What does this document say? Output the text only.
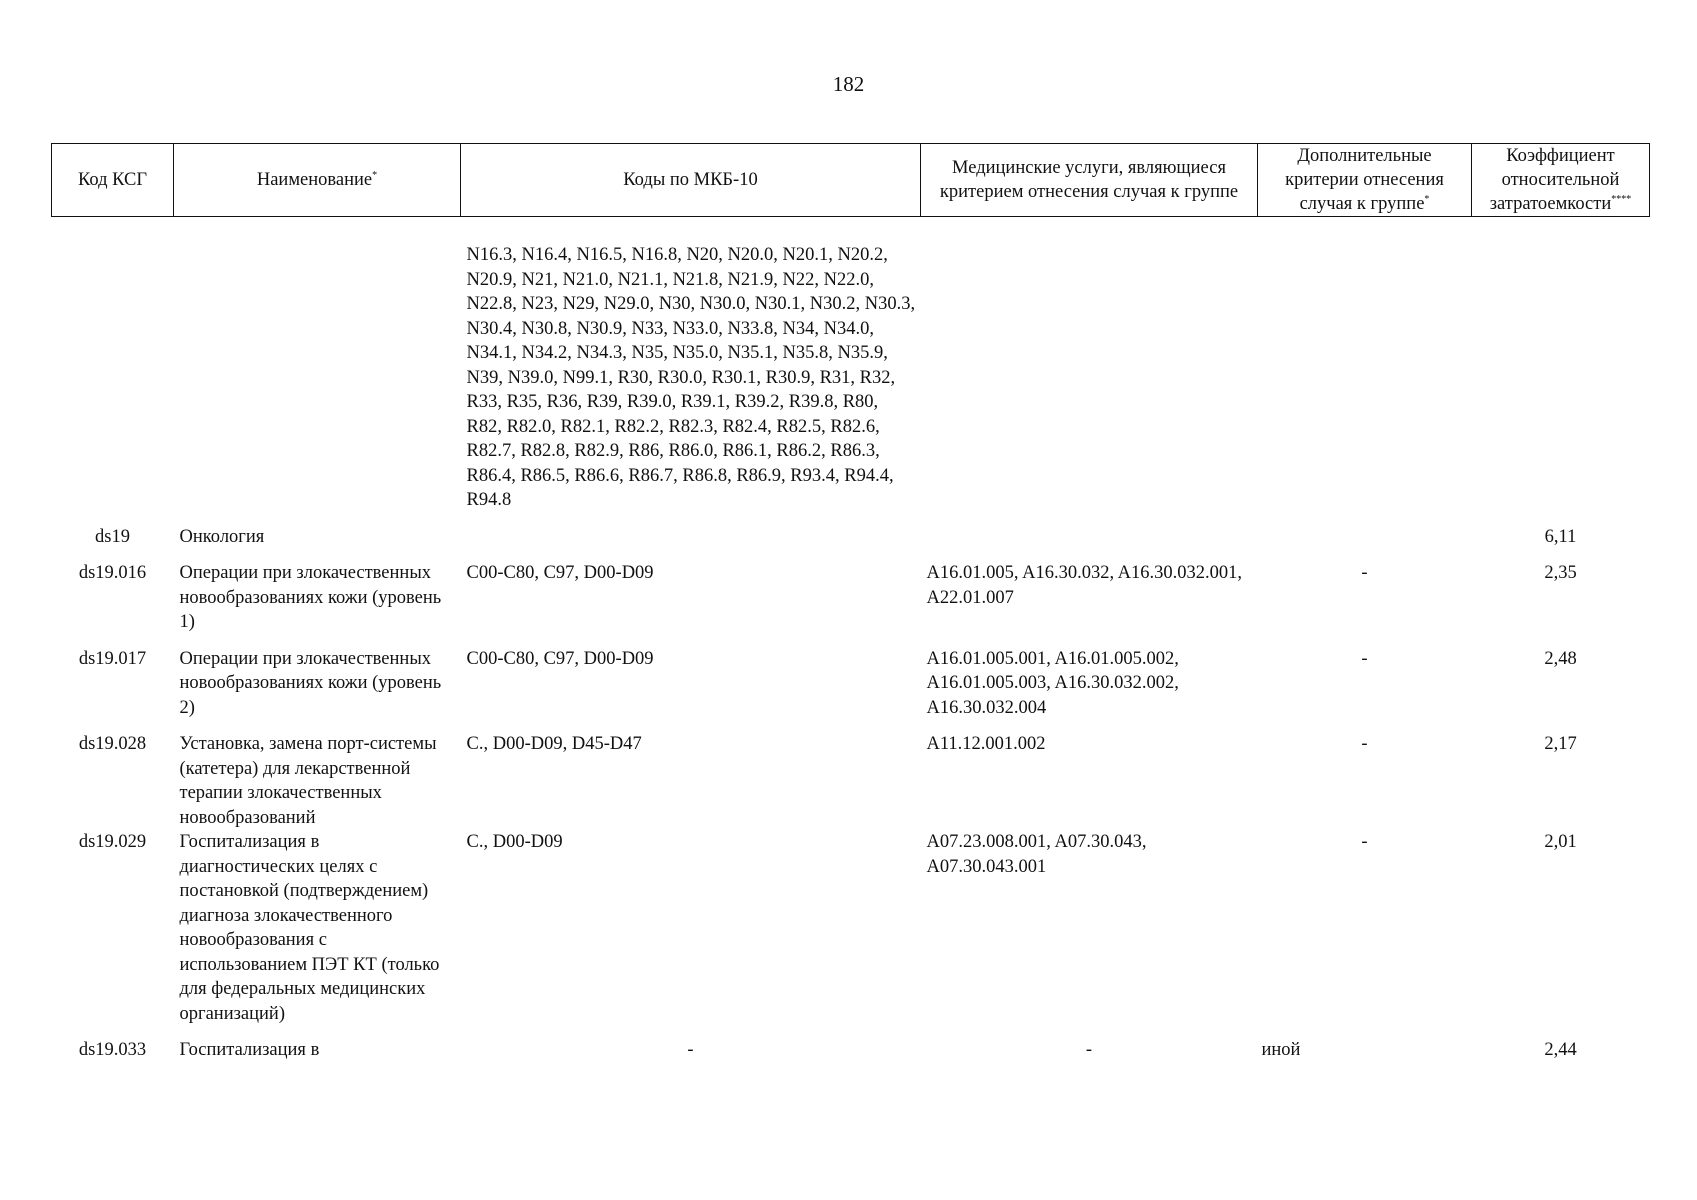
182
Код КСГ	Наименование*	Коды по МКБ-10	Медицинские услуги, являющиеся критерием отнесения случая к группе	Дополнительные критерии отнесения случая к группе*	Коэффициент относительной затратоемкости****

		N16.3, N16.4, N16.5, N16.8, N20, N20.0, N20.1, N20.2, N20.9, N21, N21.0, N21.1, N21.8, N21.9, N22, N22.0, N22.8, N23, N29, N29.0, N30, N30.0, N30.1, N30.2, N30.3, N30.4, N30.8, N30.9, N33, N33.0, N33.8, N34, N34.0, N34.1, N34.2, N34.3, N35, N35.0, N35.1, N35.8, N35.9, N39, N39.0, N99.1, R30, R30.0, R30.1, R30.9, R31, R32, R33, R35, R36, R39, R39.0, R39.1, R39.2, R39.8, R80, R82, R82.0, R82.1, R82.2, R82.3, R82.4, R82.5, R82.6, R82.7, R82.8, R82.9, R86, R86.0, R86.1, R86.2, R86.3, R86.4, R86.5, R86.6, R86.7, R86.8, R86.9, R93.4, R94.4, R94.8			
ds19	Онкология				6,11
ds19.016	Операции при злокачественных новообразованиях кожи (уровень 1)	C00-C80, C97, D00-D09	A16.01.005, A16.30.032, A16.30.032.001, A22.01.007	-	2,35
ds19.017	Операции при злокачественных новообразованиях кожи (уровень 2)	C00-C80, C97, D00-D09	A16.01.005.001, A16.01.005.002, A16.01.005.003, A16.30.032.002, A16.30.032.004	-	2,48
ds19.028	Установка, замена порт-системы (катетера) для лекарственной терапии злокачественных новообразований	C., D00-D09, D45-D47	A11.12.001.002	-	2,17
ds19.029	Госпитализация в диагностических целях с постановкой (подтверждением) диагноза злокачественного новообразования с использованием ПЭТ КТ (только для федеральных медицинских организаций)	C., D00-D09	A07.23.008.001, A07.30.043, A07.30.043.001	-	2,01
ds19.033	Госпитализация в	-	-	иной	2,44
